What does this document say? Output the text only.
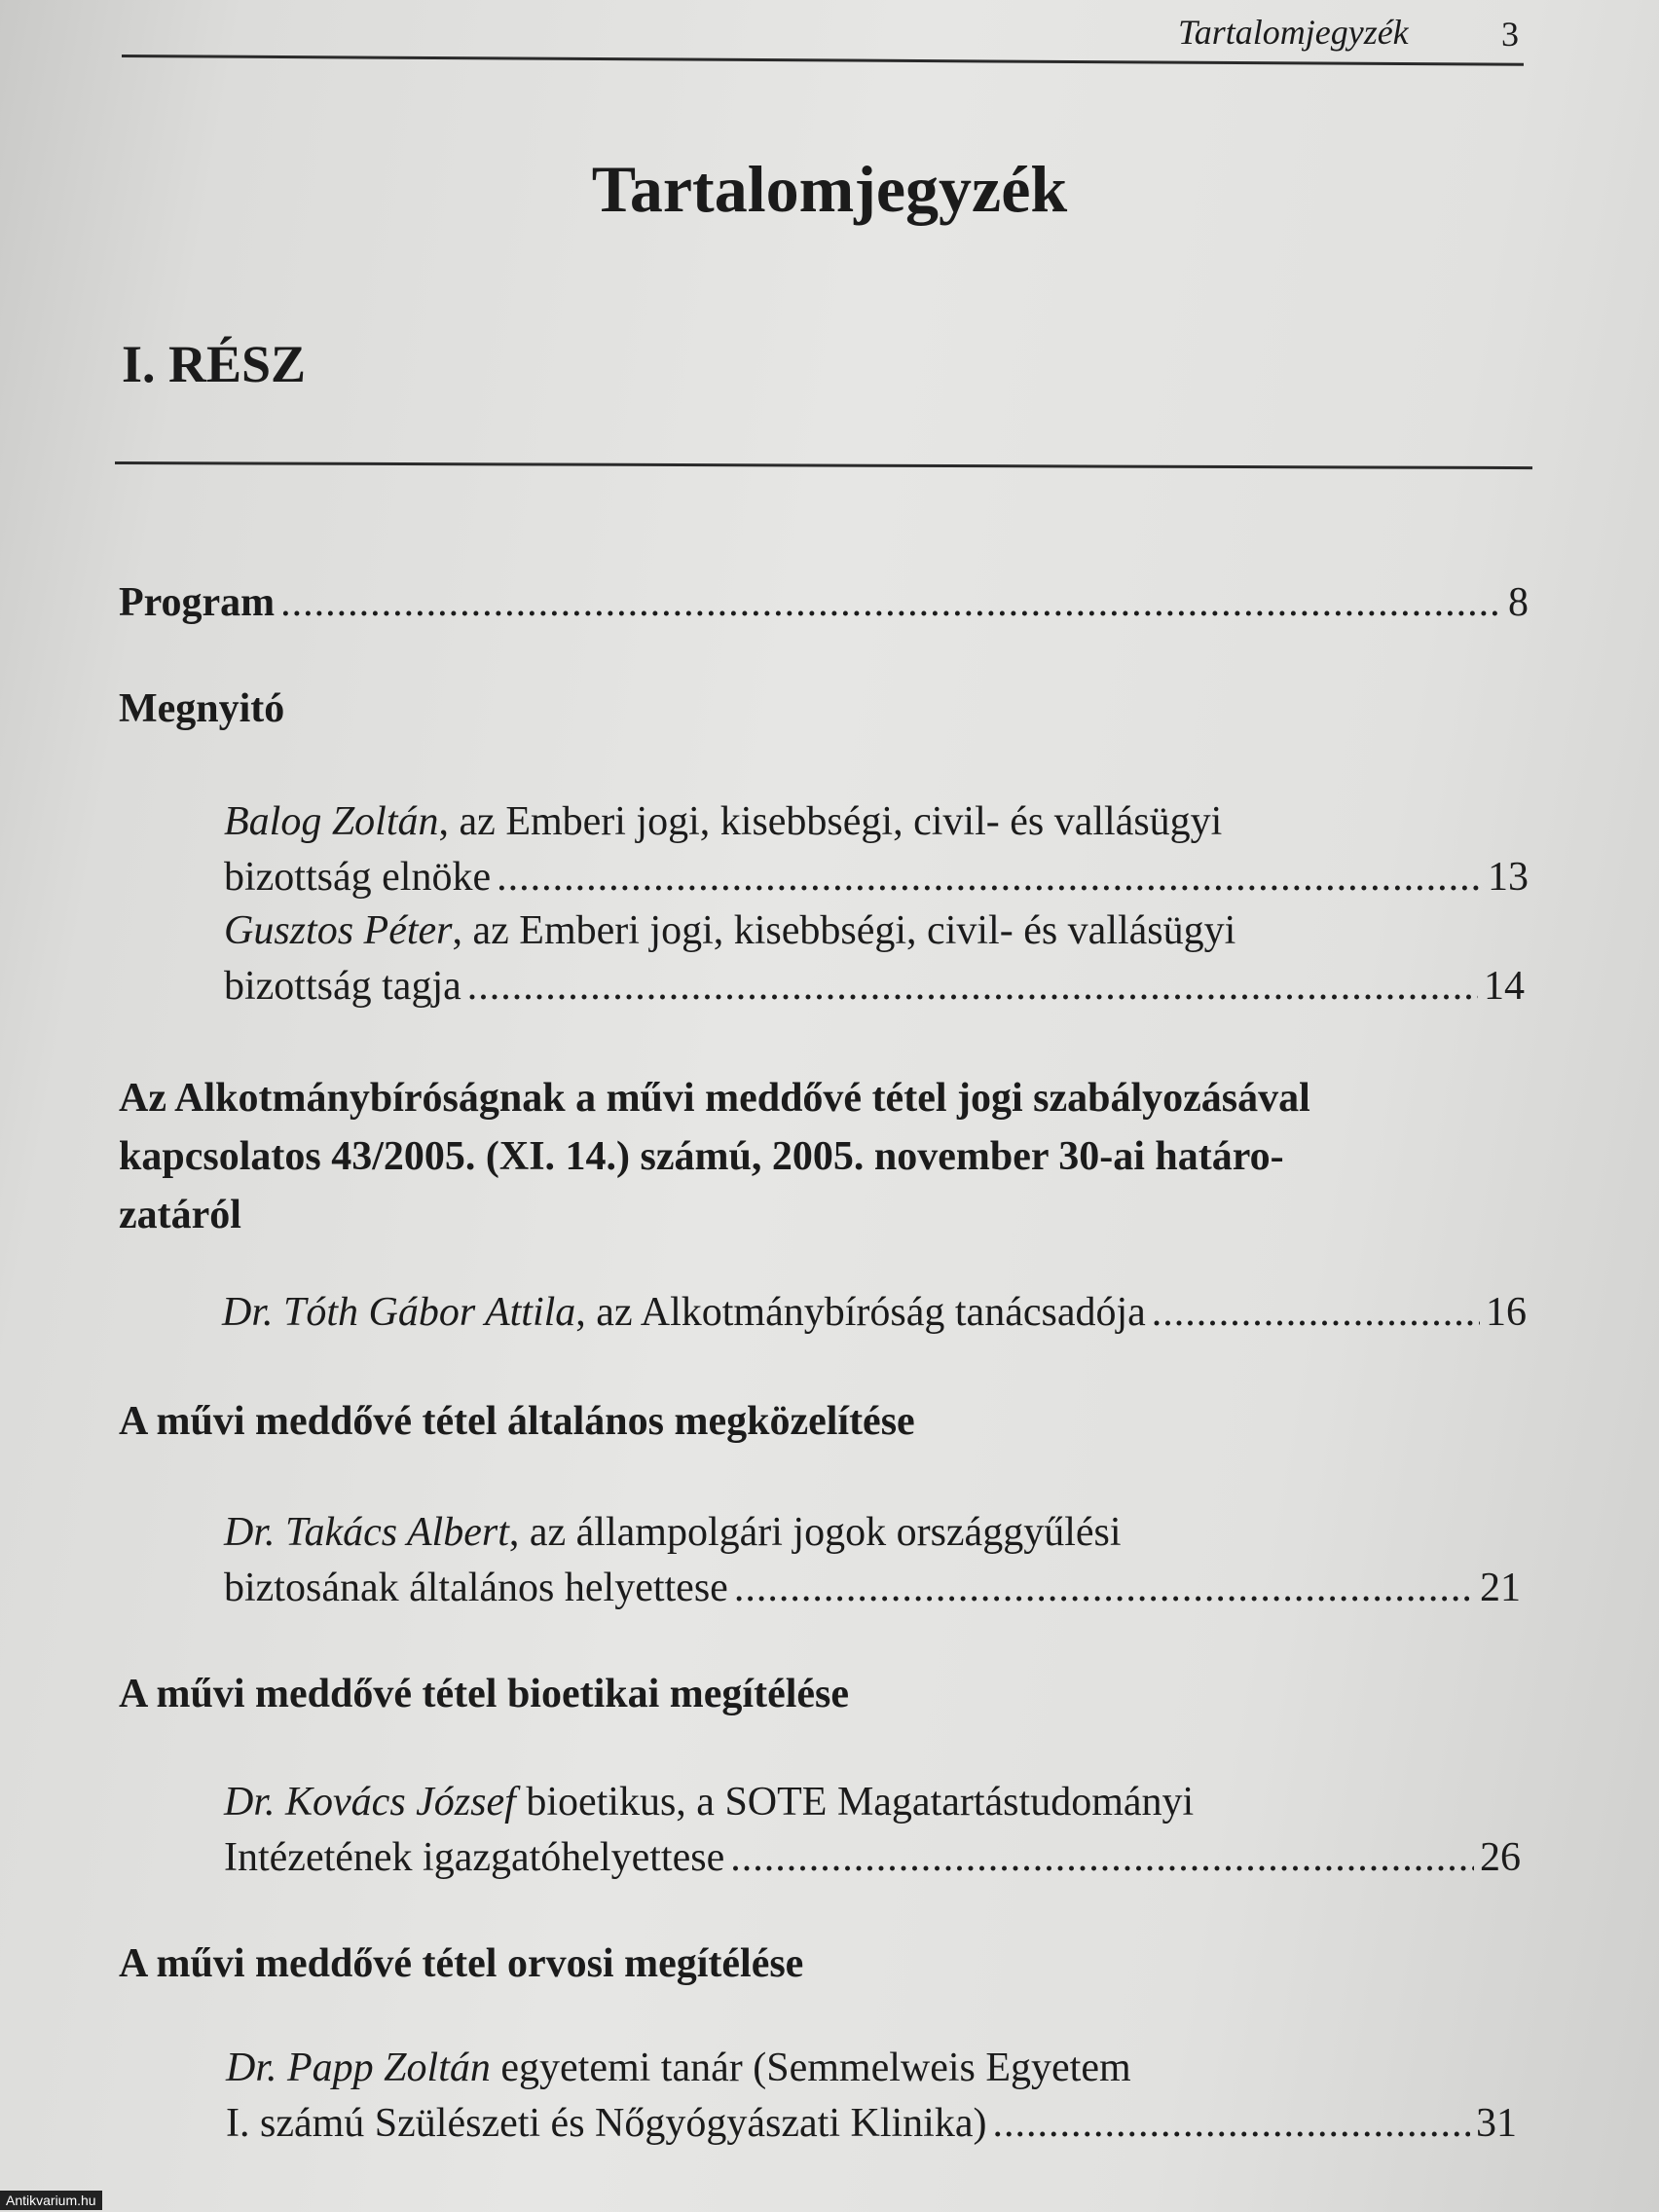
Tartalomjegyzék	3
Tartalomjegyzék
I. RÉSZ
Program .....	8
Megnyitó
Balog Zoltán, az Emberi jogi, kisebbségi, civil- és vallásügyi
bizottság elnöke .....	13
Gusztos Péter, az Emberi jogi, kisebbségi, civil- és vallásügyi
bizottság tagja .....	14
Az Alkotmánybíróságnak a művi meddővé tétel jogi szabályozásával
kapcsolatos 43/2005. (XI. 14.) számú, 2005. november 30-ai határo-
zatáról
Dr. Tóth Gábor Attila, az Alkotmánybíróság tanácsadója .....	16
A művi meddővé tétel általános megközelítése
Dr. Takács Albert, az állampolgári jogok országgyűlési
biztosának általános helyettese .....	21
A művi meddővé tétel bioetikai megítélése
Dr. Kovács József bioetikus, a SOTE Magatartástudományi
Intézetének igazgatóhelyettese .....	26
A művi meddővé tétel orvosi megítélése
Dr. Papp Zoltán egyetemi tanár (Semmelweis Egyetem
I. számú Szülészeti és Nőgyógyászati Klinika) .....	31
Antikvarium.hu
